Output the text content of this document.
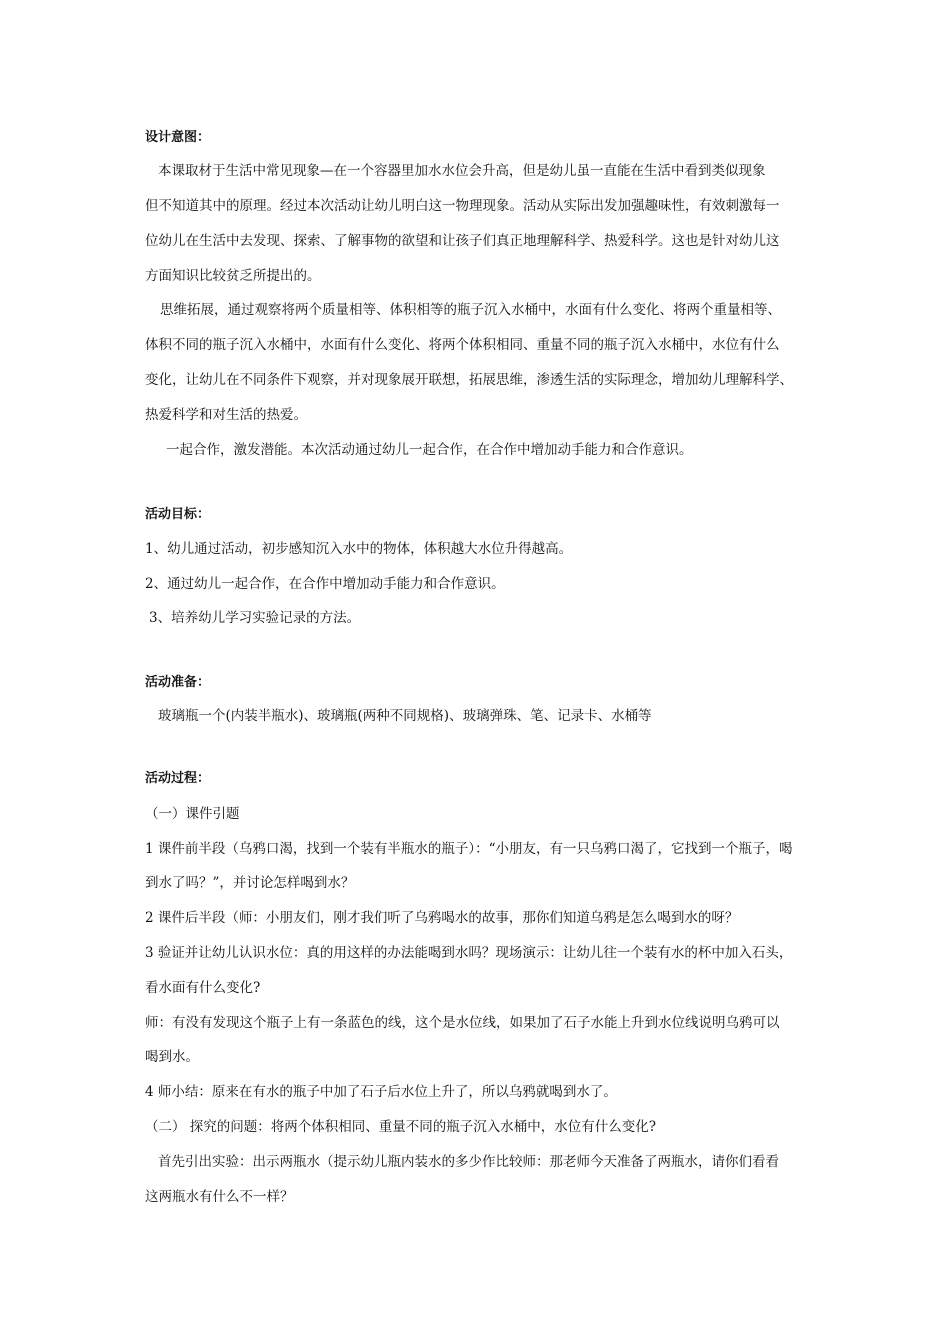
设计意图：
本课取材于生活中常见现象—在一个容器里加水水位会升高，但是幼儿虽一直能在生活中看到类似现象
但不知道其中的原理。经过本次活动让幼儿明白这一物理现象。活动从实际出发加强趣味性，有效刺激每一
位幼儿在生活中去发现、探索、了解事物的欲望和让孩子们真正地理解科学、热爱科学。这也是针对幼儿这
方面知识比较贫乏所提出的。
思维拓展，通过观察将两个质量相等、体积相等的瓶子沉入水桶中，水面有什么变化、将两个重量相等、
体积不同的瓶子沉入水桶中，水面有什么变化、将两个体积相同、重量不同的瓶子沉入水桶中，水位有什么
变化，让幼儿在不同条件下观察，并对现象展开联想，拓展思维，渗透生活的实际理念，增加幼儿理解科学、
热爱科学和对生活的热爱。
一起合作，激发潜能。本次活动通过幼儿一起合作，在合作中增加动手能力和合作意识。
活动目标：
1、幼儿通过活动，初步感知沉入水中的物体，体积越大水位升得越高。
2、通过幼儿一起合作，在合作中增加动手能力和合作意识。
3、培养幼儿学习实验记录的方法。
活动准备：
玻璃瓶一个(内装半瓶水)、玻璃瓶(两种不同规格)、玻璃弹珠、笔、记录卡、水桶等
活动过程：
（一）课件引题
1 课件前半段（乌鸦口渴，找到一个装有半瓶水的瓶子）：“小朋友，有一只乌鸦口渴了，它找到一个瓶子，喝
到水了吗？”，并讨论怎样喝到水？
2 课件后半段（师：小朋友们，刚才我们听了乌鸦喝水的故事，那你们知道乌鸦是怎么喝到水的呀？
3 验证并让幼儿认识水位：真的用这样的办法能喝到水吗？现场演示：让幼儿往一个装有水的杯中加入石头，
看水面有什么变化?
师：有没有发现这个瓶子上有一条蓝色的线，这个是水位线，如果加了石子水能上升到水位线说明乌鸦可以
喝到水。
4 师小结：原来在有水的瓶子中加了石子后水位上升了，所以乌鸦就喝到水了。
（二） 探究的问题：将两个体积相同、重量不同的瓶子沉入水桶中，水位有什么变化?
首先引出实验：出示两瓶水（提示幼儿瓶内装水的多少作比较师：那老师今天准备了两瓶水，请你们看看
这两瓶水有什么不一样？
